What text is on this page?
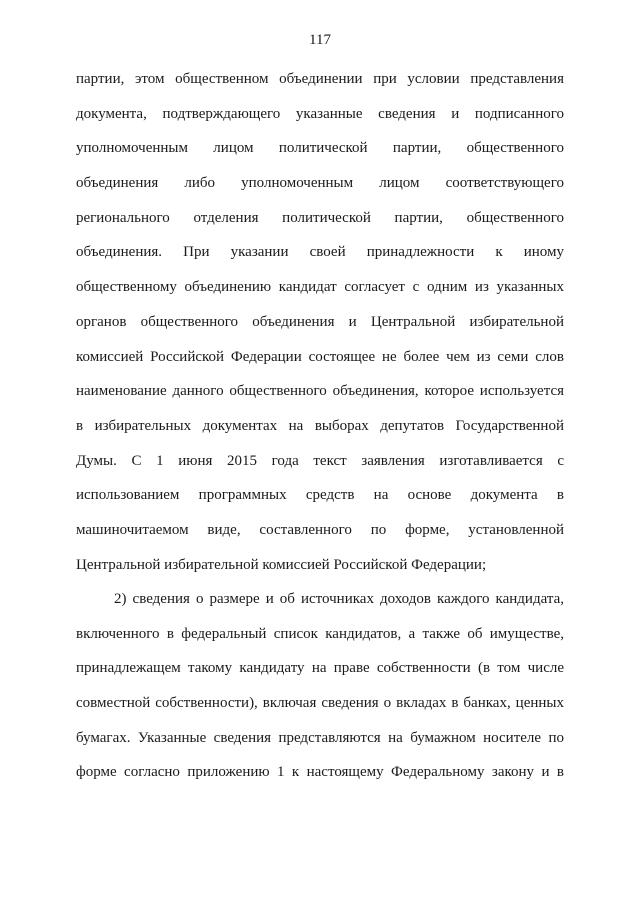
117
партии, этом общественном объединении при условии представления
документа, подтверждающего указанные сведения и подписанного
уполномоченным лицом политической партии, общественного
объединения либо уполномоченным лицом соответствующего
регионального отделения политической партии, общественного
объединения. При указании своей принадлежности к иному
общественному объединению кандидат согласует с одним из указанных
органов общественного объединения и Центральной избирательной
комиссией Российской Федерации состоящее не более чем из семи слов
наименование данного общественного объединения, которое используется
в избирательных документах на выборах депутатов Государственной
Думы. С 1 июня 2015 года текст заявления изготавливается с
использованием программных средств на основе документа в
машиночитаемом виде, составленного по форме, установленной
Центральной избирательной комиссией Российской Федерации;
2) сведения о размере и об источниках доходов каждого кандидата,
включенного в федеральный список кандидатов, а также об имуществе,
принадлежащем такому кандидату на праве собственности (в том числе
совместной собственности), включая сведения о вкладах в банках, ценных
бумагах. Указанные сведения представляются на бумажном носителе по
форме согласно приложению 1 к настоящему Федеральному закону и в
